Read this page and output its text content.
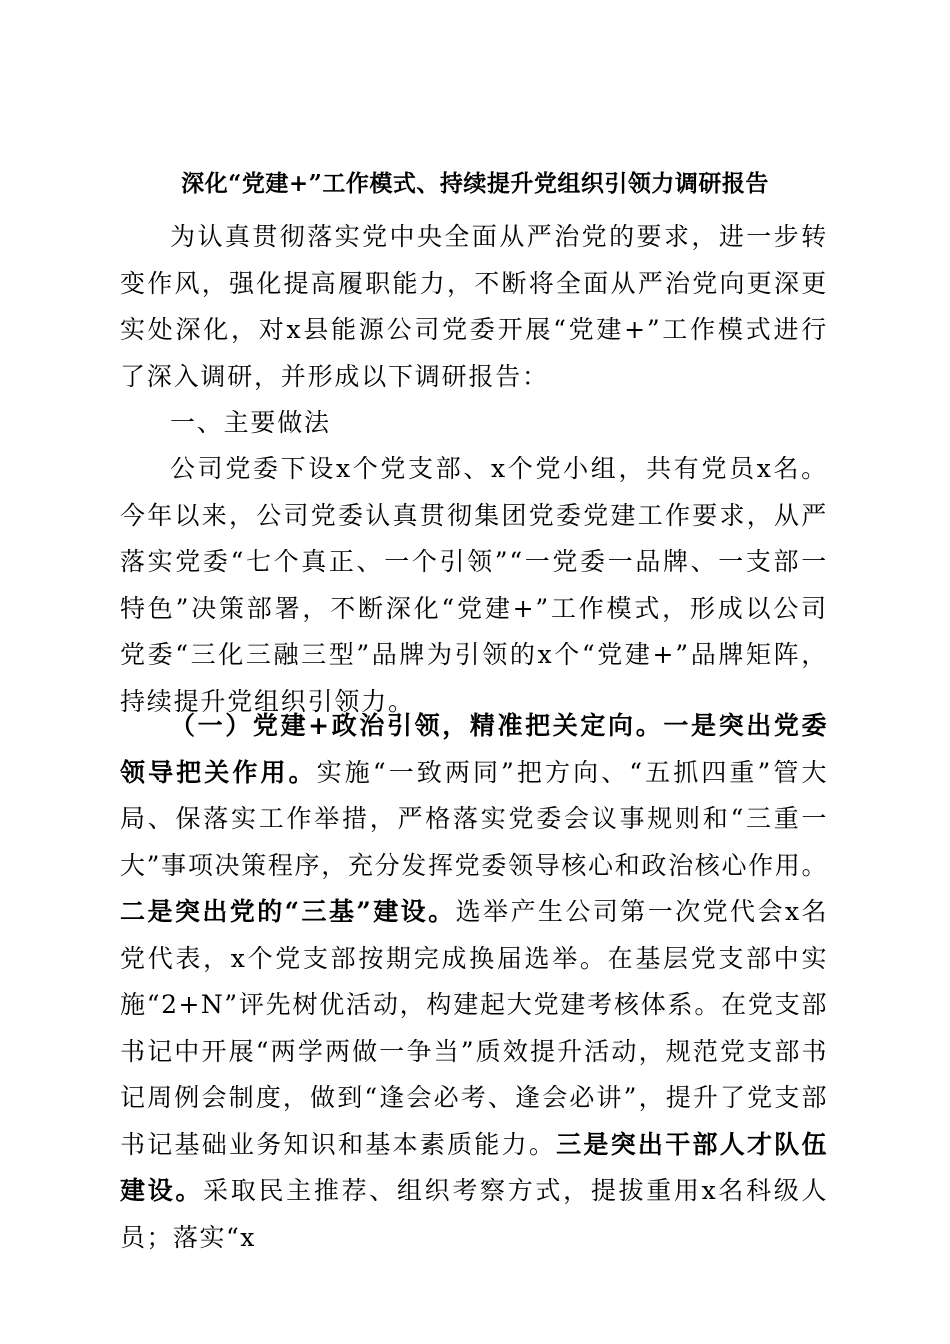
深化“党建+”工作模式、持续提升党组织引领力调研报告
为认真贯彻落实党中央全面从严治党的要求，进一步转变作风，强化提高履职能力，不断将全面从严治党向更深更实处深化，对x县能源公司党委开展“党建+”工作模式进行了深入调研，并形成以下调研报告：
一、主要做法
公司党委下设x个党支部、x个党小组，共有党员x名。今年以来，公司党委认真贯彻集团党委党建工作要求，从严落实党委“七个真正、一个引领”“一党委一品牌、一支部一特色”决策部署，不断深化“党建+”工作模式，形成以公司党委“三化三融三型”品牌为引领的x个“党建+”品牌矩阵，持续提升党组织引领力。
（一）党建+政治引领，精准把关定向。一是突出党委领导把关作用。实施“一致两同”把方向、“五抓四重”管大局、保落实工作举措，严格落实党委会议事规则和“三重一大”事项决策程序，充分发挥党委领导核心和政治核心作用。二是突出党的“三基”建设。选举产生公司第一次党代会x名党代表，x个党支部按期完成换届选举。在基层党支部中实施“2+N”评先树优活动，构建起大党建考核体系。在党支部书记中开展“两学两做一争当”质效提升活动，规范党支部书记周例会制度，做到“逢会必考、逢会必讲”，提升了党支部书记基础业务知识和基本素质能力。三是突出干部人才队伍建设。采取民主推荐、组织考察方式，提拔重用x名科级人员；落实“x
